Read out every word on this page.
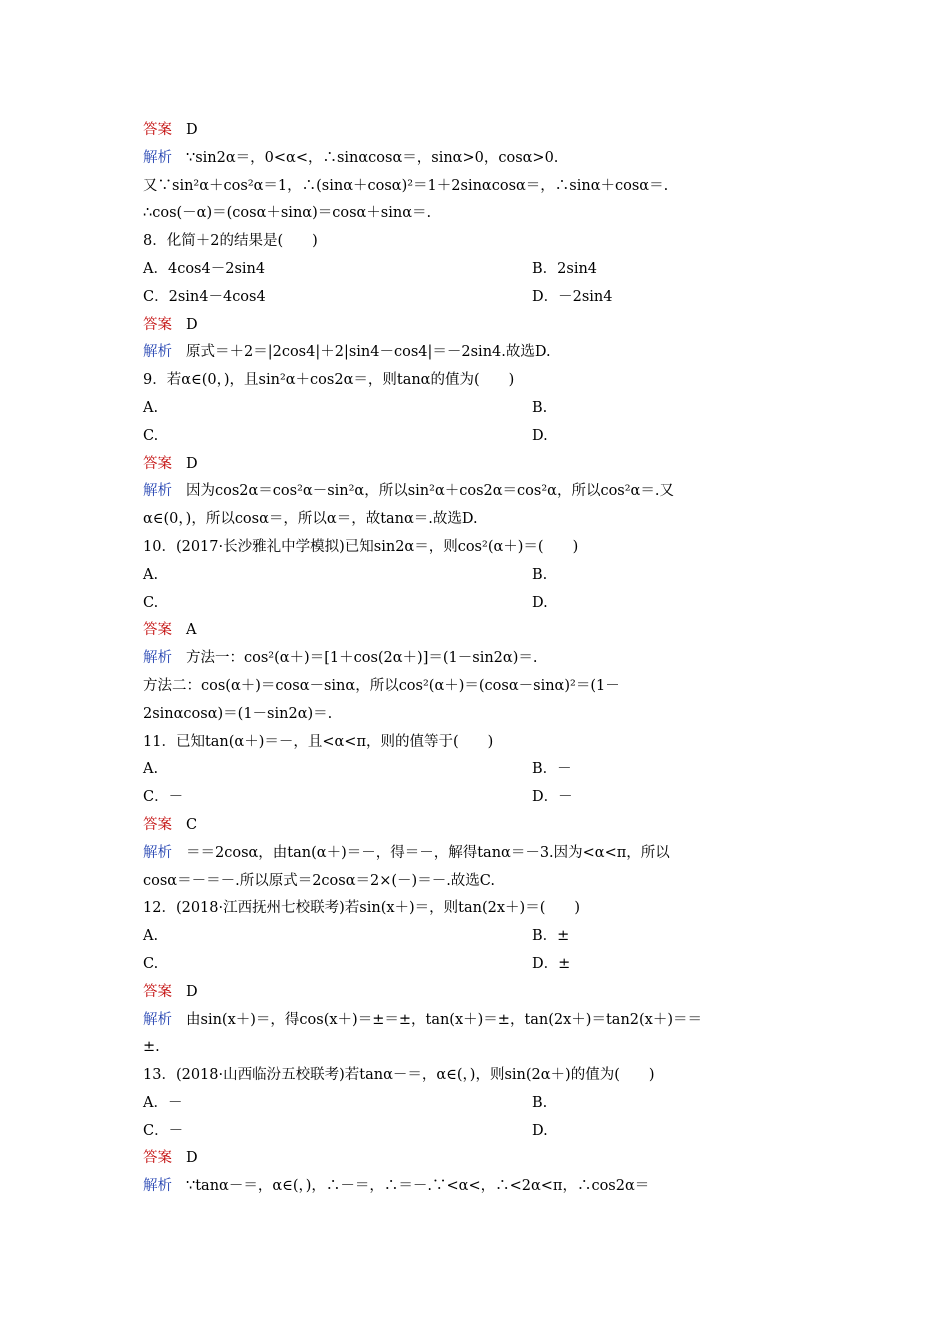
答案 D
解析 ∵sin2α＝，0<α<，∴sinαcosα＝，sinα>0，cosα>0.
又∵sin²α＋cos²α＝1，∴(sinα＋cosα)²＝1＋2sinαcosα＝，∴sinα＋cosα＝.
∴cos(－α)＝(cosα＋sinα)＝cosα＋sinα＝.
8．化简＋2的结果是(　　)
A．4cos4－2sin4	B．2sin4
C．2sin4－4cos4	D．－2sin4
答案 D
解析 原式＝＋2＝|2cos4|＋2|sin4－cos4|＝－2sin4.故选D.
9．若α∈(0，)，且sin²α＋cos2α＝，则tanα的值为(　　)
A.	B.
C.	D.
答案 D
解析 因为cos2α＝cos²α－sin²α，所以sin²α＋cos2α＝cos²α，所以cos²α＝.又
α∈(0，)，所以cosα＝，所以α＝，故tanα＝.故选D.
10．(2017·长沙雅礼中学模拟)已知sin2α＝，则cos²(α＋)＝(　　)
A.	B.
C.	D.
答案 A
解析 方法一：cos²(α＋)＝[1＋cos(2α＋)]＝(1－sin2α)＝.
方法二：cos(α＋)＝cosα－sinα，所以cos²(α＋)＝(cosα－sinα)²＝(1－
2sinαcosα)＝(1－sin2α)＝.
11．已知tan(α＋)＝－，且<α<π，则的值等于(　　)
A.	B．－
C．－	D．－
答案 C
解析 ＝＝2cosα，由tan(α＋)＝－，得＝－，解得tanα＝－3.因为<α<π，所以
cosα＝－＝－.所以原式＝2cosα＝2×(－)＝－.故选C.
12．(2018·江西抚州七校联考)若sin(x＋)＝，则tan(2x＋)＝(　　)
A.	B．±
C.	D．±
答案 D
解析 由sin(x＋)＝，得cos(x＋)＝±＝±，tan(x＋)＝±，tan(2x＋)＝tan2(x＋)＝＝
±.
13．(2018·山西临汾五校联考)若tanα－＝，α∈(，)，则sin(2α＋)的值为(　　)
A．－	B.
C．－	D.
答案 D
解析 ∵tanα－＝，α∈(，)，∴－＝，∴＝－.∵<α<，∴<2α<π，∴cos2α＝
